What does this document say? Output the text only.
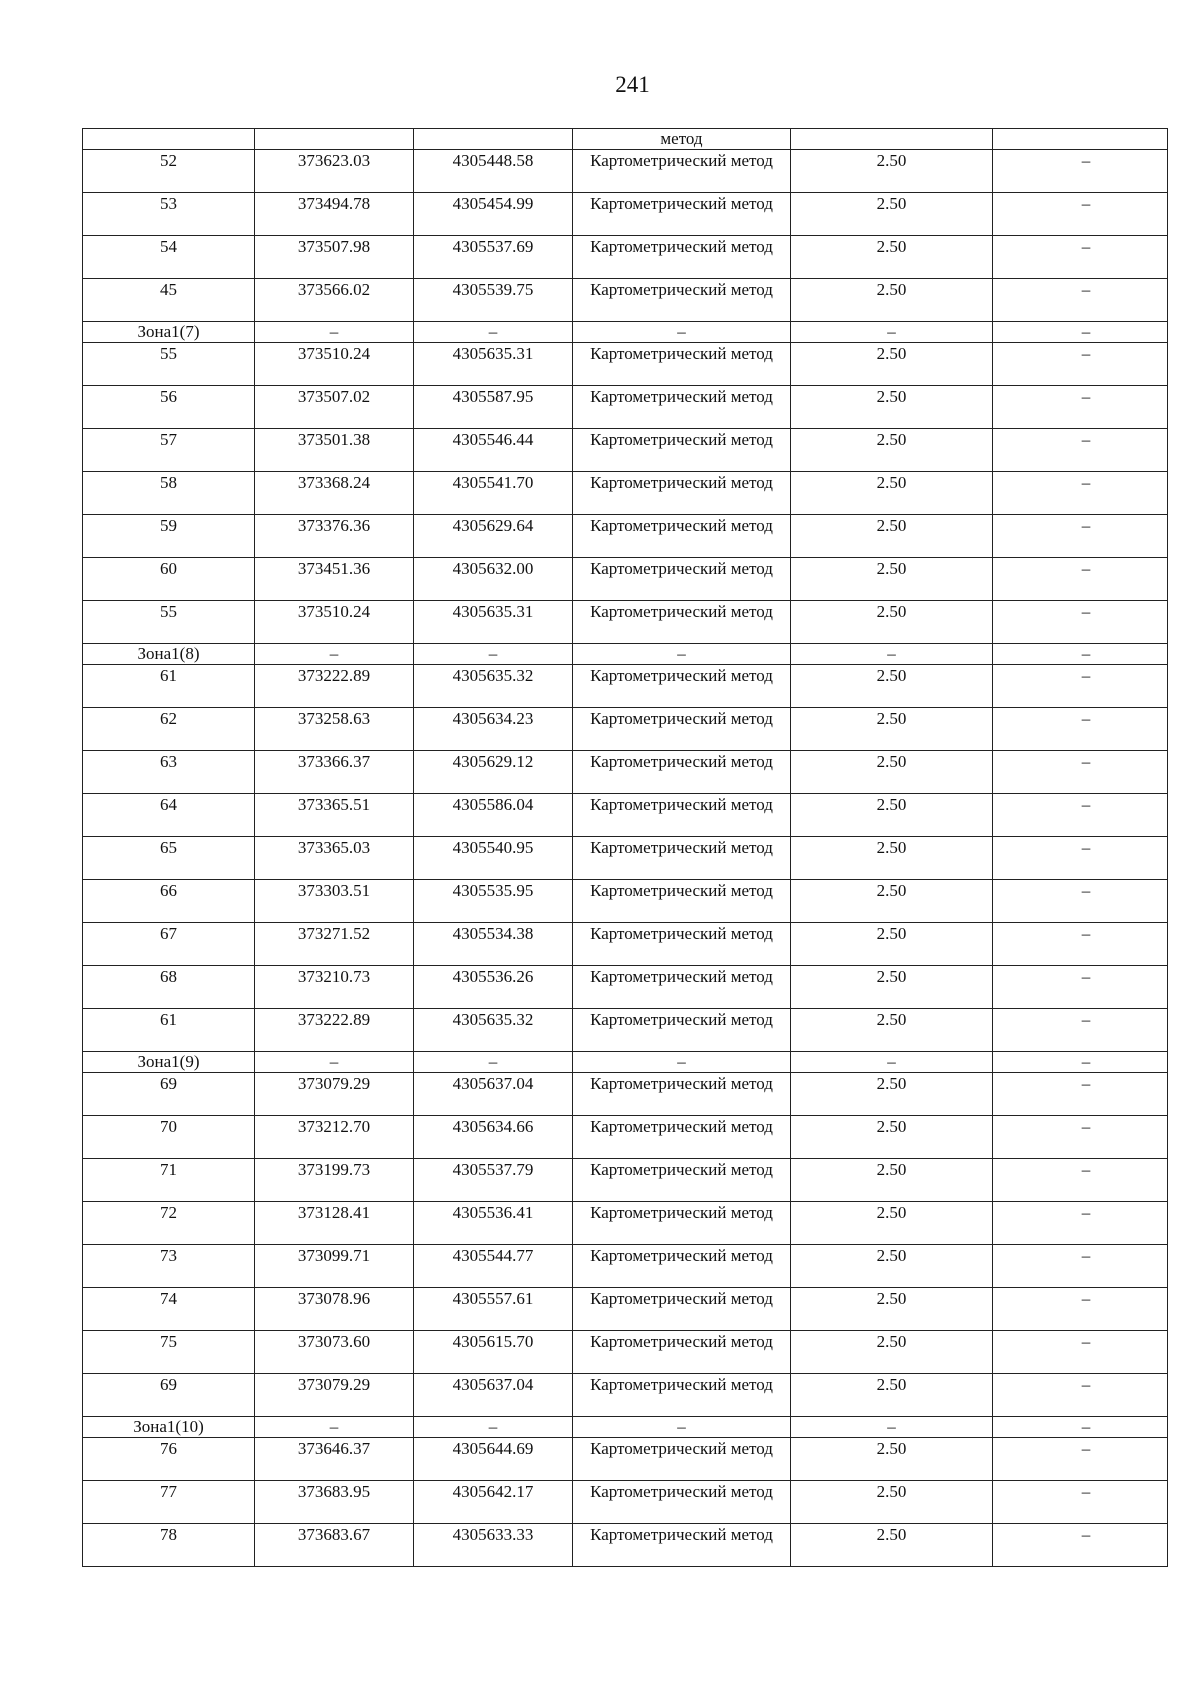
241
			метод		
52	373623.03	4305448.58	Картометрический метод	2.50	–
53	373494.78	4305454.99	Картометрический метод	2.50	–
54	373507.98	4305537.69	Картометрический метод	2.50	–
45	373566.02	4305539.75	Картометрический метод	2.50	–
Зона1(7)	–	–	–	–	–
55	373510.24	4305635.31	Картометрический метод	2.50	–
56	373507.02	4305587.95	Картометрический метод	2.50	–
57	373501.38	4305546.44	Картометрический метод	2.50	–
58	373368.24	4305541.70	Картометрический метод	2.50	–
59	373376.36	4305629.64	Картометрический метод	2.50	–
60	373451.36	4305632.00	Картометрический метод	2.50	–
55	373510.24	4305635.31	Картометрический метод	2.50	–
Зона1(8)	–	–	–	–	–
61	373222.89	4305635.32	Картометрический метод	2.50	–
62	373258.63	4305634.23	Картометрический метод	2.50	–
63	373366.37	4305629.12	Картометрический метод	2.50	–
64	373365.51	4305586.04	Картометрический метод	2.50	–
65	373365.03	4305540.95	Картометрический метод	2.50	–
66	373303.51	4305535.95	Картометрический метод	2.50	–
67	373271.52	4305534.38	Картометрический метод	2.50	–
68	373210.73	4305536.26	Картометрический метод	2.50	–
61	373222.89	4305635.32	Картометрический метод	2.50	–
Зона1(9)	–	–	–	–	–
69	373079.29	4305637.04	Картометрический метод	2.50	–
70	373212.70	4305634.66	Картометрический метод	2.50	–
71	373199.73	4305537.79	Картометрический метод	2.50	–
72	373128.41	4305536.41	Картометрический метод	2.50	–
73	373099.71	4305544.77	Картометрический метод	2.50	–
74	373078.96	4305557.61	Картометрический метод	2.50	–
75	373073.60	4305615.70	Картометрический метод	2.50	–
69	373079.29	4305637.04	Картометрический метод	2.50	–
Зона1(10)	–	–	–	–	–
76	373646.37	4305644.69	Картометрический метод	2.50	–
77	373683.95	4305642.17	Картометрический метод	2.50	–
78	373683.67	4305633.33	Картометрический метод	2.50	–
